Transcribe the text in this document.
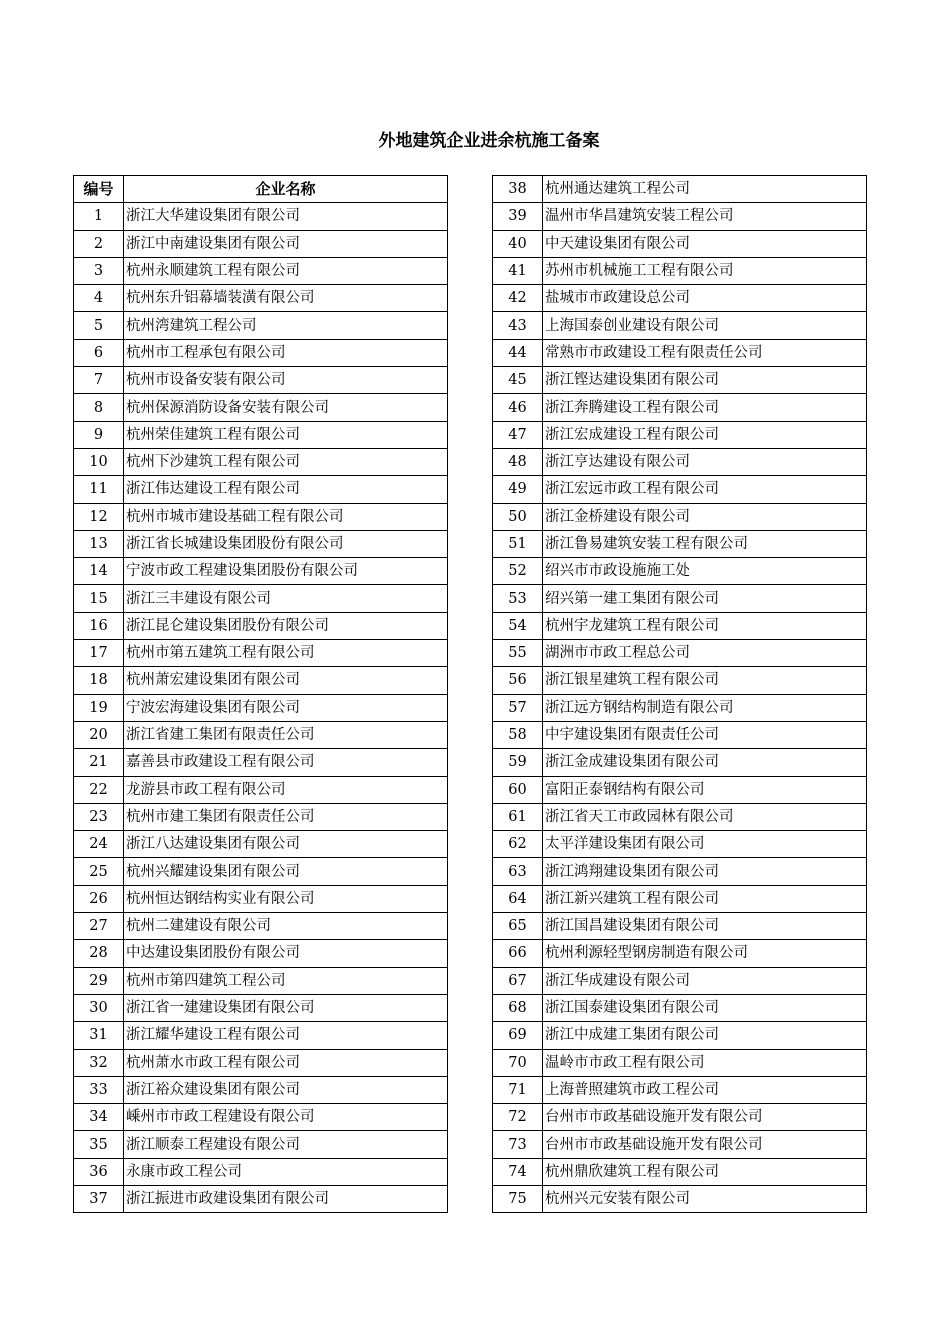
外地建筑企业进余杭施工备案
编号	企业名称
1	浙江大华建设集团有限公司
2	浙江中南建设集团有限公司
3	杭州永顺建筑工程有限公司
4	杭州东升铝幕墙装潢有限公司
5	杭州湾建筑工程公司
6	杭州市工程承包有限公司
7	杭州市设备安装有限公司
8	杭州保源消防设备安装有限公司
9	杭州荣佳建筑工程有限公司
10	杭州下沙建筑工程有限公司
11	浙江伟达建设工程有限公司
12	杭州市城市建设基础工程有限公司
13	浙江省长城建设集团股份有限公司
14	宁波市政工程建设集团股份有限公司
15	浙江三丰建设有限公司
16	浙江昆仑建设集团股份有限公司
17	杭州市第五建筑工程有限公司
18	杭州萧宏建设集团有限公司
19	宁波宏海建设集团有限公司
20	浙江省建工集团有限责任公司
21	嘉善县市政建设工程有限公司
22	龙游县市政工程有限公司
23	杭州市建工集团有限责任公司
24	浙江八达建设集团有限公司
25	杭州兴耀建设集团有限公司
26	杭州恒达钢结构实业有限公司
27	杭州二建建设有限公司
28	中达建设集团股份有限公司
29	杭州市第四建筑工程公司
30	浙江省一建建设集团有限公司
31	浙江耀华建设工程有限公司
32	杭州萧水市政工程有限公司
33	浙江裕众建设集团有限公司
34	嵊州市市政工程建设有限公司
35	浙江顺泰工程建设有限公司
36	永康市政工程公司
37	浙江振进市政建设集团有限公司
38	杭州通达建筑工程公司
39	温州市华昌建筑安装工程公司
40	中天建设集团有限公司
41	苏州市机械施工工程有限公司
42	盐城市市政建设总公司
43	上海国泰创业建设有限公司
44	常熟市市政建设工程有限责任公司
45	浙江铿达建设集团有限公司
46	浙江奔腾建设工程有限公司
47	浙江宏成建设工程有限公司
48	浙江亨达建设有限公司
49	浙江宏远市政工程有限公司
50	浙江金桥建设有限公司
51	浙江鲁易建筑安装工程有限公司
52	绍兴市市政设施施工处
53	绍兴第一建工集团有限公司
54	杭州宇龙建筑工程有限公司
55	湖洲市市政工程总公司
56	浙江银星建筑工程有限公司
57	浙江远方钢结构制造有限公司
58	中宇建设集团有限责任公司
59	浙江金成建设集团有限公司
60	富阳正泰钢结构有限公司
61	浙江省天工市政园林有限公司
62	太平洋建设集团有限公司
63	浙江鸿翔建设集团有限公司
64	浙江新兴建筑工程有限公司
65	浙江国昌建设集团有限公司
66	杭州利源轻型钢房制造有限公司
67	浙江华成建设有限公司
68	浙江国泰建设集团有限公司
69	浙江中成建工集团有限公司
70	温岭市市政工程有限公司
71	上海普照建筑市政工程公司
72	台州市市政基础设施开发有限公司
73	台州市市政基础设施开发有限公司
74	杭州鼎欣建筑工程有限公司
75	杭州兴元安装有限公司
